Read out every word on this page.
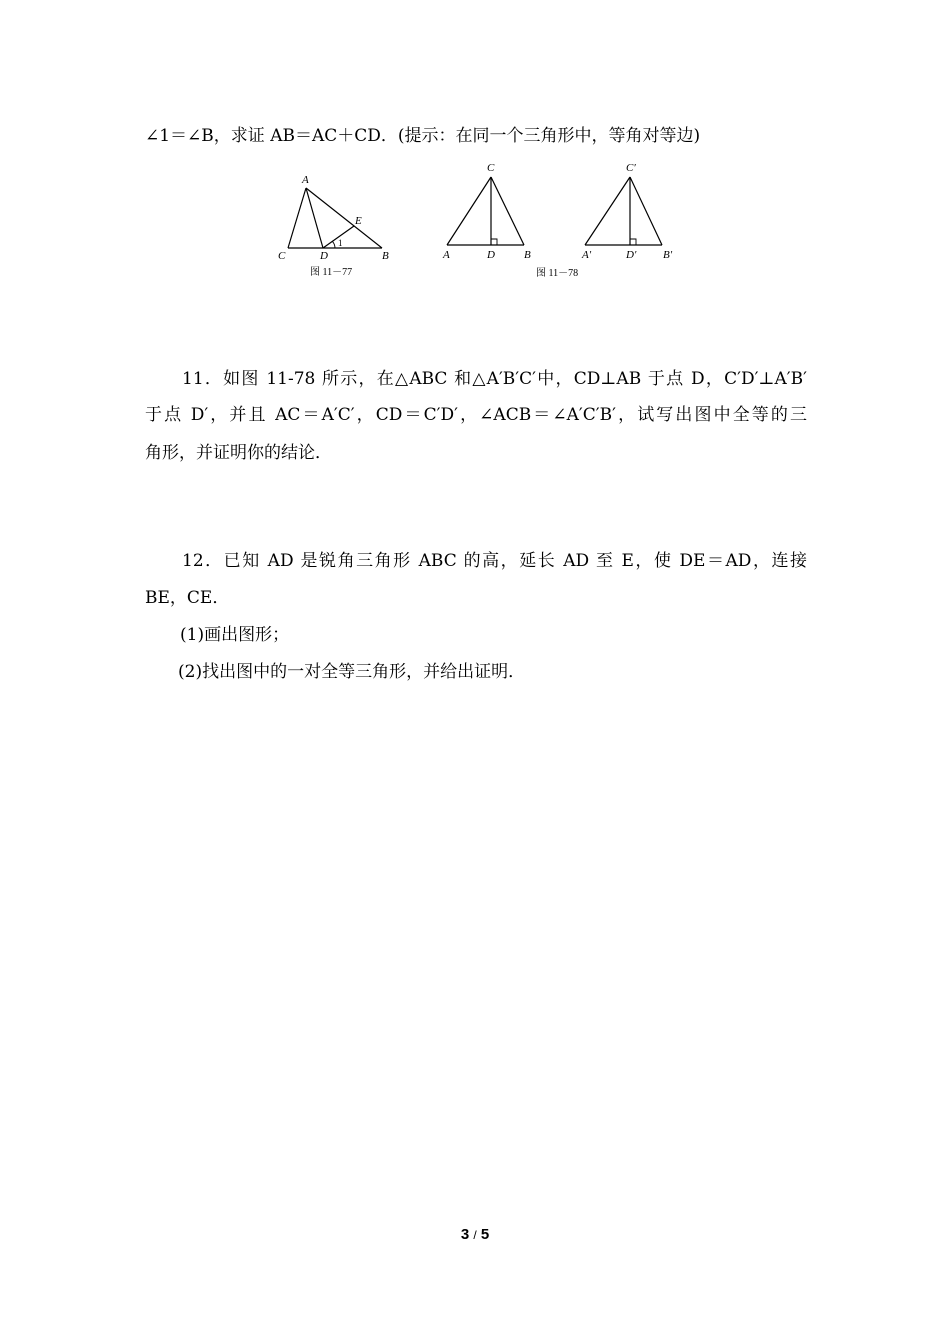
∠1＝∠B，求证 AB＝AC＋CD．(提示：在同一个三角形中，等角对等边)
A
C	D	B
E
1
图 11－77
C
A	D	B
C′
A′	D′ B′
图 11－78
11．如图 11-78 所示，在△ABC 和△A′B′C′中，CD⊥AB 于点 D，C′D′⊥A′B′
于点 D′，并且 AC＝A′C′，CD＝C′D′，∠ACB＝∠A′C′B′，试写出图中全等的三
角形，并证明你的结论．
12．已知 AD 是锐角三角形 ABC 的高，延长 AD 至 E，使 DE＝AD，连接
BE，CE．
(1)画出图形；
(2)找出图中的一对全等三角形，并给出证明．
3 / 5
